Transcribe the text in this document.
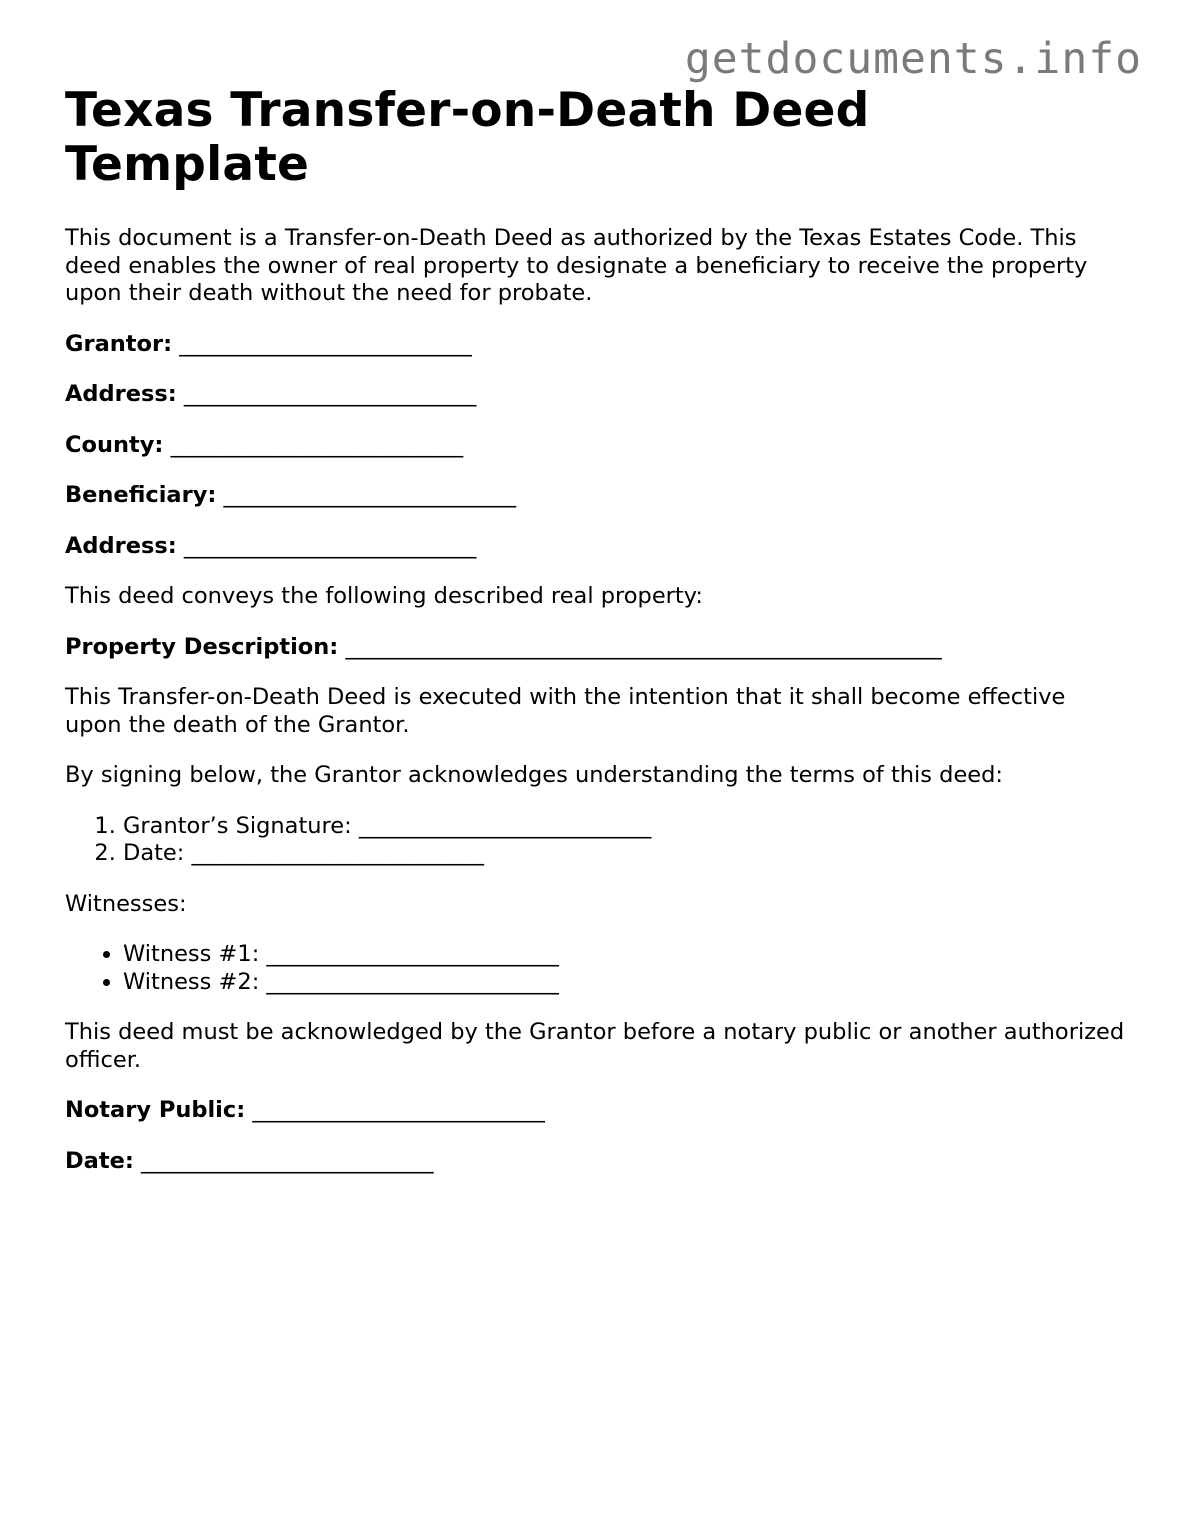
getdocuments.info
Texas Transfer-on-Death Deed Template

This document is a Transfer-on-Death Deed as authorized by the Texas Estates Code. This deed enables the owner of real property to designate a beneficiary to receive the property upon their death without the need for probate.

Grantor: __________________________

Address: __________________________

County: __________________________

Beneficiary: __________________________

Address: __________________________

This deed conveys the following described real property:

Property Description: _____________________________________________________

This Transfer-on-Death Deed is executed with the intention that it shall become effective upon the death of the Grantor.

By signing below, the Grantor acknowledges understanding the terms of this deed:

1. Grantor’s Signature: __________________________
2. Date: __________________________

Witnesses:

• Witness #1: __________________________
• Witness #2: __________________________

This deed must be acknowledged by the Grantor before a notary public or another authorized officer.

Notary Public: __________________________

Date: __________________________
